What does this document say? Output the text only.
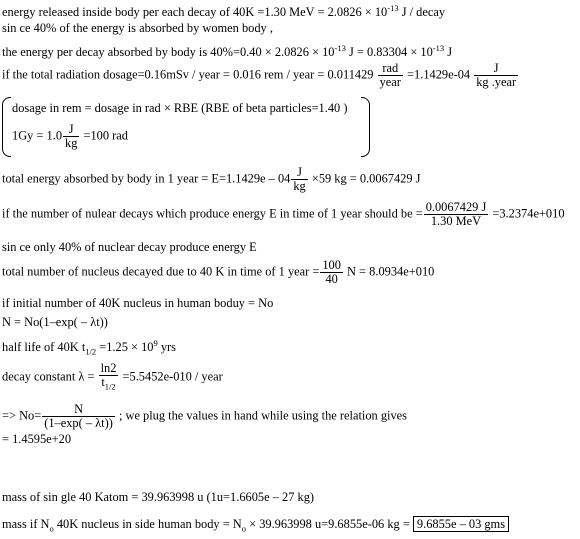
energy released inside body per each decay of 40K =1.30 MeV = $2.0826 \times 10^{-13}$ J / decay
sin ce 40% of the energy is absorbed by women body ,
the energy per decay absorbed by body is $40\%=0.40 \times 2.0826 \times 10^{-13}$ $J = 0.83304 \times 10^{-13}$ J
if the total radiation dosage=0.16mSv / year = 0.016 rem / year = $0.011429 \frac{\text{rad}}{\text{year}} =1.1429e-04 \frac{J}{\text{kg .year}}$
dosage in rem = dosage in rad × RBE (RBE of beta particles=1.40 )
$1Gy = 1.0 \frac{J}{kg} =100$ rad
total energy absorbed by body in 1 year = $E=1.1429e - 04 \frac{J}{kg} \times 59$ kg = 0.0067429 J
if the number of nulear decays which produce energy E in time of 1 year should be = $\frac{0.0067429 J}{\text{1.30 MeV}} =3.2374e+010$
sin ce only 40% of nuclear decay produce energy E
total number of nucleus decayed due to 40 K in time of 1 year = $\frac{100}{40}$ N = 8.0934e+010
if initial number of 40K nucleus in human boduy = No
N = No(1–exp( – λt))
half life of 40K $t_{1/2} =1.25 \times 10^9$ yrs
decay constant $\lambda = \frac{\ln 2}{t_{1/2}} =5.5452e-010$ / year
=> $No= \frac{N}{(1-\exp( - \lambda t))}$ ; we plug the values in hand while using the relation gives
= 1.4595e+20
mass of sin gle 40 Katom = 39.963998 u (1u=1.6605e – 27 kg)
mass if $N_o$ 40K nucleus in side human body = $N_o \times 39.963998$ u=9.6855e-06 kg = 9.6855e – 03 gms
